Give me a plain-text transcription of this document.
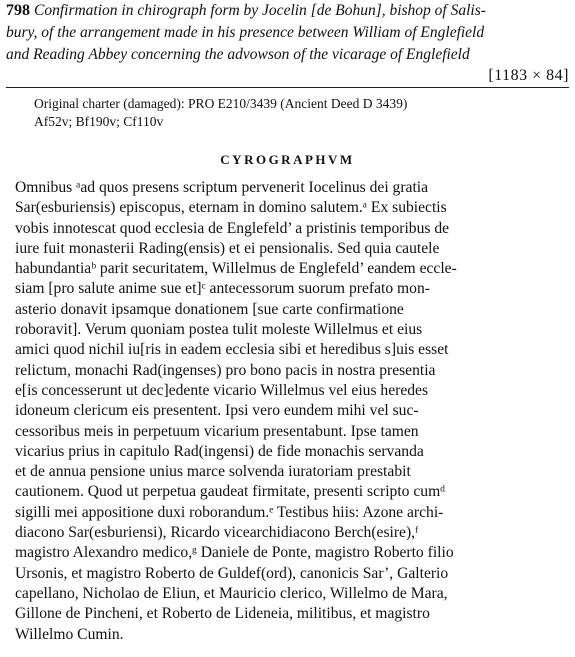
798 Confirmation in chirograph form by Jocelin [de Bohun], bishop of Salis-
bury, of the arrangement made in his presence between William of Englefield
and Reading Abbey concerning the advowson of the vicarage of Englefield
[1183 × 84]
Original charter (damaged): PRO E210/3439 (Ancient Deed D 3439)
Af52v; Bf190v; Cf110v
CYROGRAPHVM
Omnibus ᵃad quos presens scriptum pervenerit Iocelinus dei gratia
Sar(esburiensis) episcopus, eternam in domino salutem.ᵃ Ex subiectis
vobis innotescat quod ecclesia de Englefeld’ a pristinis temporibus de
iure fuit monasterii Rading(ensis) et ei pensionalis. Sed quia cautele
habundantiaᵇ parit securitatem, Willelmus de Englefeld’ eandem eccle-
siam [pro salute anime sue et]ᶜ antecessorum suorum prefato mon-
asterio donavit ipsamque donationem [sue carte confirmatione
roboravit]. Verum quoniam postea tulit moleste Willelmus et eius
amici quod nichil iu[ris in eadem ecclesia sibi et heredibus s]uis esset
relictum, monachi Rad(ingenses) pro bono pacis in nostra presentia
e[is concesserunt ut dec]edente vicario Willelmus vel eius heredes
idoneum clericum eis presentent. Ipsi vero eundem mihi vel suc-
cessoribus meis in perpetuum vicarium presentabunt. Ipse tamen
vicarius prius in capitulo Rad(ingensi) de fide monachis servanda
et de annua pensione unius marce solvenda iuratoriam prestabit
cautionem. Quod ut perpetua gaudeat firmitate, presenti scripto cumᵈ
sigilli mei appositione duxi roborandum.ᵉ Testibus hiis: Azone archi-
diacono Sar(esburiensi), Ricardo vicearchidiacono Berch(esire),ᶠ
magistro Alexandro medico,ᵍ Daniele de Ponte, magistro Roberto filio
Ursonis, et magistro Roberto de Guldef(ord), canonicis Sar’, Galterio
capellano, Nicholao de Eliun, et Mauricio clerico, Willelmo de Mara,
Gillone de Pincheni, et Roberto de Lideneia, militibus, et magistro
Willelmo Cumin.
